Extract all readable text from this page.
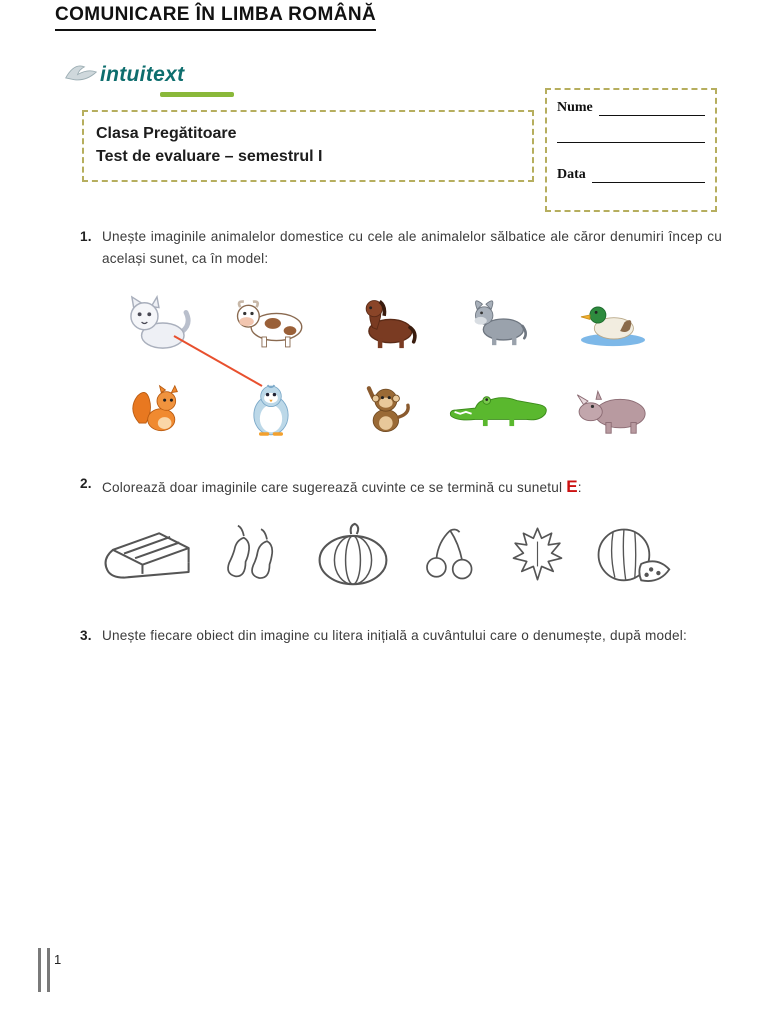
COMUNICARE ÎN LIMBA ROMÂNĂ
intuitext
Clasa Pregătitoare
Test de evaluare – semestrul I
Nume
Data
1. Unește imaginile animalelor domestice cu cele ale animalelor sălbatice ale căror denumiri încep cu același sunet, ca în model:
2. Colorează doar imaginile care sugerează cuvinte ce se termină cu sunetul E:
3. Unește fiecare obiect din imagine cu litera inițială a cuvântului care o denumește, după model:
1
